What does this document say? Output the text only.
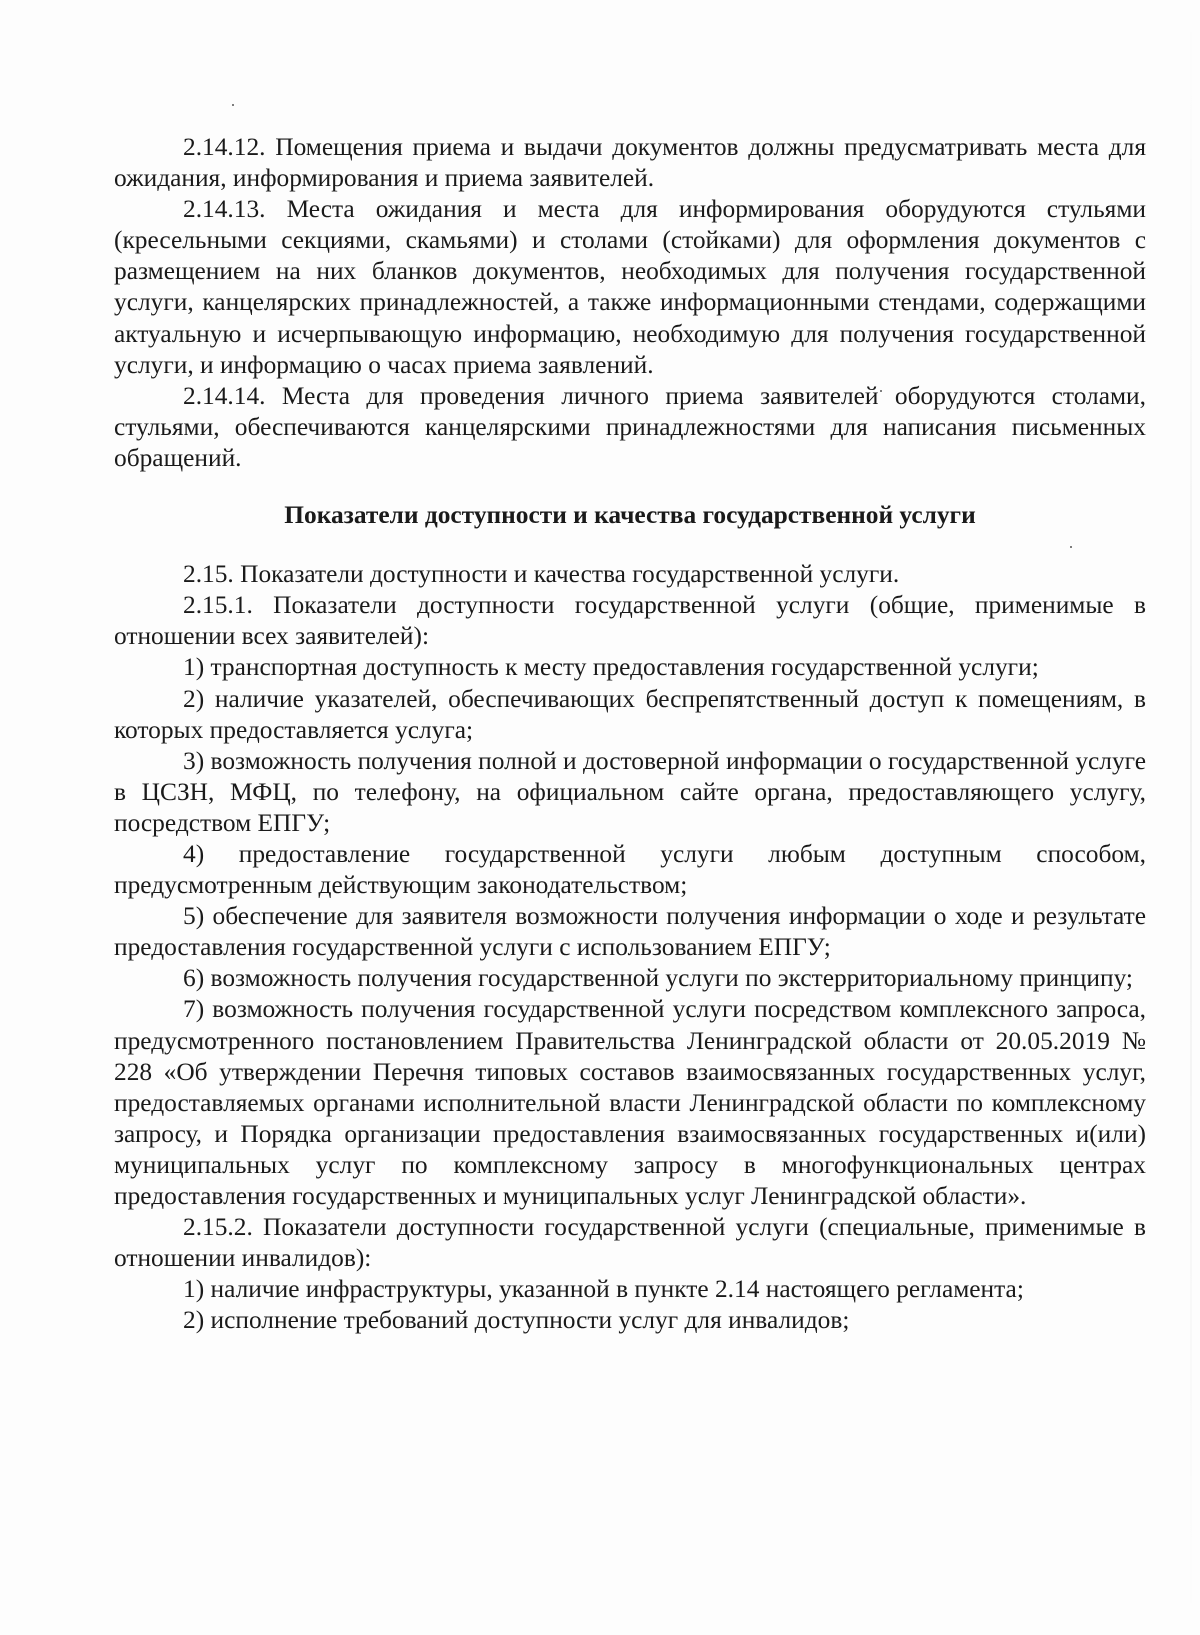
2.14.12. Помещения приема и выдачи документов должны предусматривать места для ожидания, информирования и приема заявителей.

2.14.13. Места ожидания и места для информирования оборудуются стульями (кресельными секциями, скамьями) и столами (стойками) для оформления документов с размещением на них бланков документов, необходимых для получения государственной услуги, канцелярских принадлежностей, а также информационными стендами, содержащими актуальную и исчерпывающую информацию, необходимую для получения государственной услуги, и информацию о часах приема заявлений.

2.14.14. Места для проведения личного приема заявителей оборудуются столами, стульями, обеспечиваются канцелярскими принадлежностями для написания письменных обращений.

Показатели доступности и качества государственной услуги

2.15. Показатели доступности и качества государственной услуги.

2.15.1. Показатели доступности государственной услуги (общие, применимые в отношении всех заявителей):

1) транспортная доступность к месту предоставления государственной услуги;

2) наличие указателей, обеспечивающих беспрепятственный доступ к помещениям, в которых предоставляется услуга;

3) возможность получения полной и достоверной информации о государственной услуге в ЦСЗН, МФЦ, по телефону, на официальном сайте органа, предоставляющего услугу, посредством ЕПГУ;

4) предоставление государственной услуги любым доступным способом, предусмотренным действующим законодательством;

5) обеспечение для заявителя возможности получения информации о ходе и результате предоставления государственной услуги с использованием ЕПГУ;

6) возможность получения государственной услуги по экстерриториальному принципу;

7) возможность получения государственной услуги посредством комплексного запроса, предусмотренного постановлением Правительства Ленинградской области от 20.05.2019 № 228 «Об утверждении Перечня типовых составов взаимосвязанных государственных услуг, предоставляемых органами исполнительной власти Ленинградской области по комплексному запросу, и Порядка организации предоставления взаимосвязанных государственных и(или) муниципальных услуг по комплексному запросу в многофункциональных центрах предоставления государственных и муниципальных услуг Ленинградской области».

2.15.2. Показатели доступности государственной услуги (специальные, применимые в отношении инвалидов):

1) наличие инфраструктуры, указанной в пункте 2.14 настоящего регламента;

2) исполнение требований доступности услуг для инвалидов;
